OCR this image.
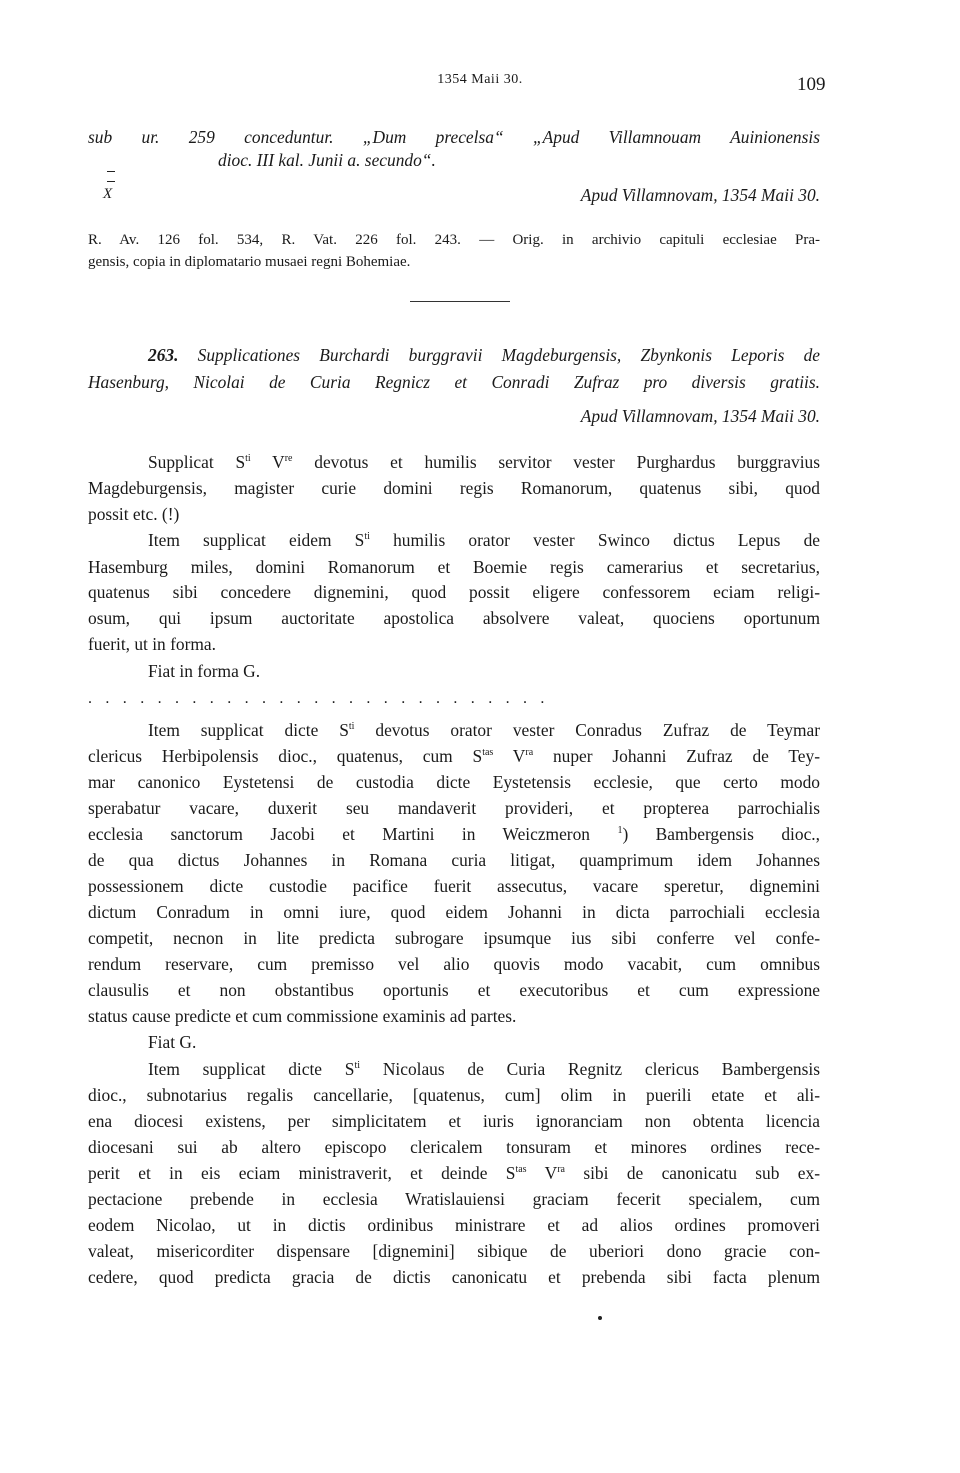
1354 Maii 30.	109
sub ur. 259 conceduntur. „Dum precelsa“ „Apud Villamnouam Auinionensis
dioc. III kal. Junii a. secundo“.
X	Apud Villamnovam, 1354 Maii 30.
R. Av. 126 fol. 534, R. Vat. 226 fol. 243. — Orig. in archivio capituli ecclesiae Pra-
gensis, copia in diplomatario musaei regni Bohemiae.
263. Supplicationes Burchardi burggravii Magdeburgensis, Zbynkonis Leporis de
Hasenburg, Nicolai de Curia Regnicz et Conradi Zufraz pro diversis gratiis.
Apud Villamnovam, 1354 Maii 30.
Supplicat $S^{ti}$ Vre devotus et humilis servitor vester Purghardus burggravius
Magdeburgensis, magister curie domini regis Romanorum, quatenus sibi, quod
possit etc. (!)
Item supplicat eidem $S^{ti}$ humilis orator vester Swinco dictus Lepus de
Hasemburg miles, domini Romanorum et Boemie regis camerarius et secretarius,
quatenus sibi concedere dignemini, quod possit eligere confessorem eciam religi-
osum, qui ipsum auctoritate apostolica absolvere valeat, quociens oportunum
fuerit, ut in forma.
Fiat in forma G.
...........................
Item supplicat dicte $S^{ti}$ devotus orator vester Conradus Zufraz de Teymar
clericus Herbipolensis dioc., quatenus, cum $S^{tas}$ $V^{ra}$ nuper Johanni Zufraz de Tey-
mar canonico Eystetensi de custodia dicte Eystetensis ecclesie, que certo modo
sperabatur vacare, duxerit seu mandaverit provideri, et propterea parrochialis
ecclesia sanctorum Jacobi et Martini in Weiczmeron $^1$) Bambergensis dioc.,
de qua dictus Johannes in Romana curia litigat, quamprimum idem Johannes
possessionem dicte custodie pacifice fuerit assecutus, vacare speretur, dignemini
dictum Conradum in omni iure, quod eidem Johanni in dicta parrochiali ecclesia
competit, necnon in lite predicta subrogare ipsumque ius sibi conferre vel confe-
rendum reservare, cum premisso vel alio quovis modo vacabit, cum omnibus
clausulis et non obstantibus oportunis et executoribus et cum expressione
status cause predicte et cum commissione examinis ad partes.
Fiat G.
Item supplicat dicte $S^{ti}$ Nicolaus de Curia Regnitz clericus Bambergensis
dioc., subnotarius regalis cancellarie, [quatenus, cum] olim in puerili etate et ali-
ena diocesi existens, per simplicitatem et iuris ignoranciam non obtenta licencia
diocesani sui ab altero episcopo clericalem tonsuram et minores ordines rece-
perit et in eis eciam ministraverit, et deinde $S^{tas}$ $V^{ra}$ sibi de canonicatu sub ex-
pectacione prebende in ecclesia Wratislauiensi graciam fecerit specialem, cum
eodem Nicolao, ut in dictis ordinibus ministrare et ad alios ordines promoveri
valeat, misericorditer dispensare [dignemini] sibique de uberiori dono gracie con-
cedere, quod predicta gracia de dictis canonicatu et prebenda sibi facta plenum
